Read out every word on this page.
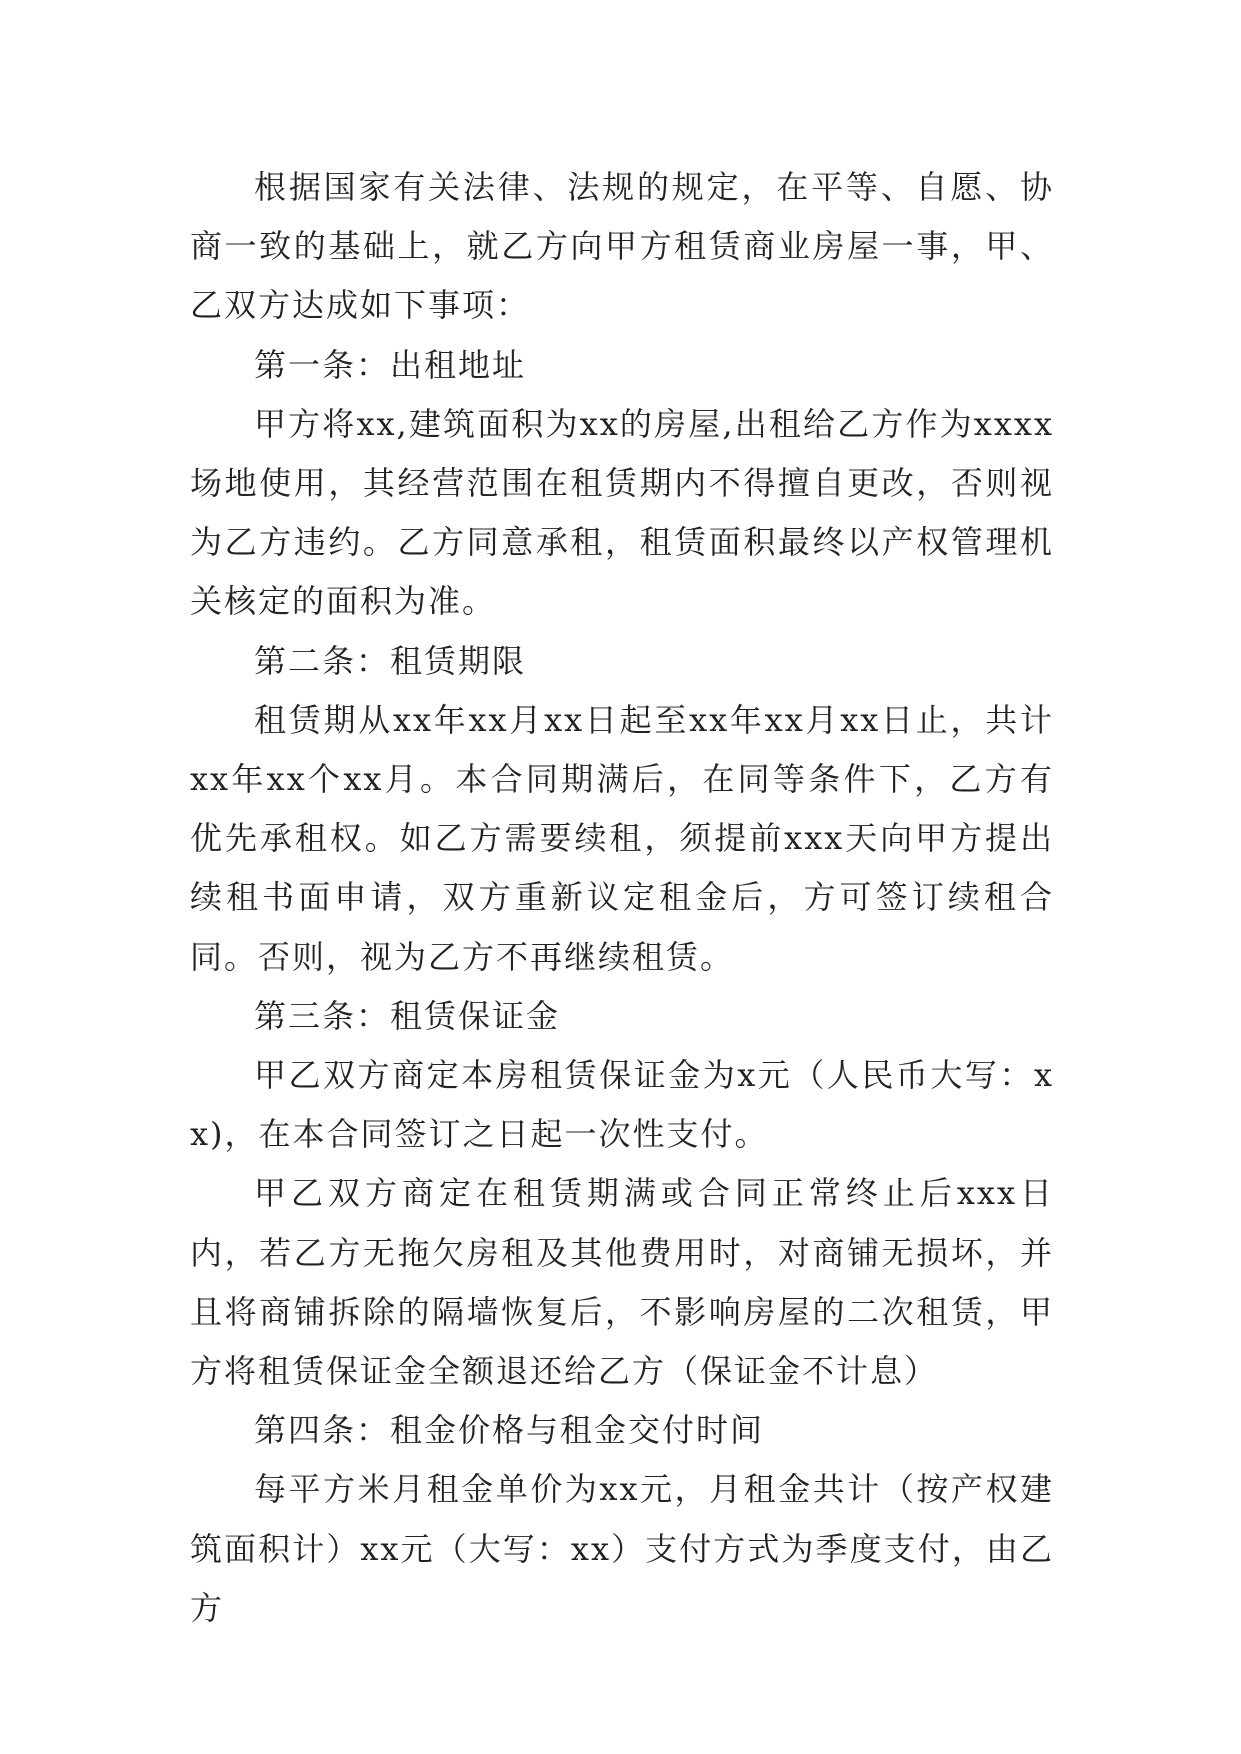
根据国家有关法律、法规的规定，在平等、自愿、协商一致的基础上，就乙方向甲方租赁商业房屋一事，甲、乙双方达成如下事项：

第一条：出租地址

甲方将xx,建筑面积为xx的房屋,出租给乙方作为xxxx场地使用，其经营范围在租赁期内不得擅自更改，否则视为乙方违约。乙方同意承租，租赁面积最终以产权管理机关核定的面积为准。

第二条：租赁期限

租赁期从xx年xx月xx日起至xx年xx月xx日止，共计xx年xx个xx月。本合同期满后，在同等条件下，乙方有优先承租权。如乙方需要续租，须提前xxx天向甲方提出续租书面申请，双方重新议定租金后，方可签订续租合同。否则，视为乙方不再继续租赁。

第三条：租赁保证金

甲乙双方商定本房租赁保证金为x元（人民币大写：xx)，在本合同签订之日起一次性支付。

甲乙双方商定在租赁期满或合同正常终止后xxx日内，若乙方无拖欠房租及其他费用时，对商铺无损坏，并且将商铺拆除的隔墙恢复后，不影响房屋的二次租赁，甲方将租赁保证金全额退还给乙方（保证金不计息）

第四条：租金价格与租金交付时间

每平方米月租金单价为xx元，月租金共计（按产权建筑面积计）xx元（大写：xx）支付方式为季度支付，由乙方
